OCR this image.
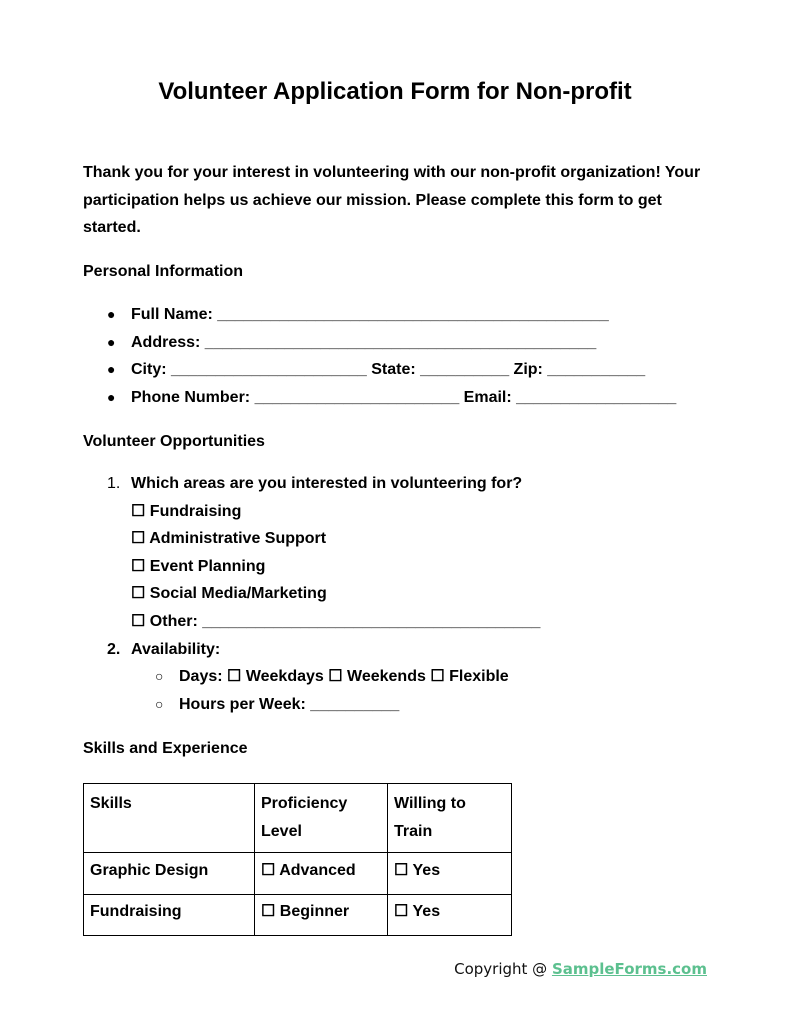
Volunteer Application Form for Non-profit

Thank you for your interest in volunteering with our non-profit organization! Your participation helps us achieve our mission. Please complete this form to get started.

Personal Information
● Full Name: ____________________________________________
● Address: ____________________________________________
● City: ______________________ State: __________ Zip: ___________
● Phone Number: _______________________ Email: __________________
Volunteer Opportunities
1. Which areas are you interested in volunteering for?
☐ Fundraising
☐ Administrative Support
☐ Event Planning
☐ Social Media/Marketing
☐ Other: ______________________________________
2. Availability:
○ Days: ☐ Weekdays ☐ Weekends ☐ Flexible
○ Hours per Week: __________
Skills and Experience
Skills	Proficiency Level	Willing to Train
Graphic Design	☐ Advanced	☐ Yes
Fundraising	☐ Beginner	☐ Yes
Copyright @ SampleForms.com
